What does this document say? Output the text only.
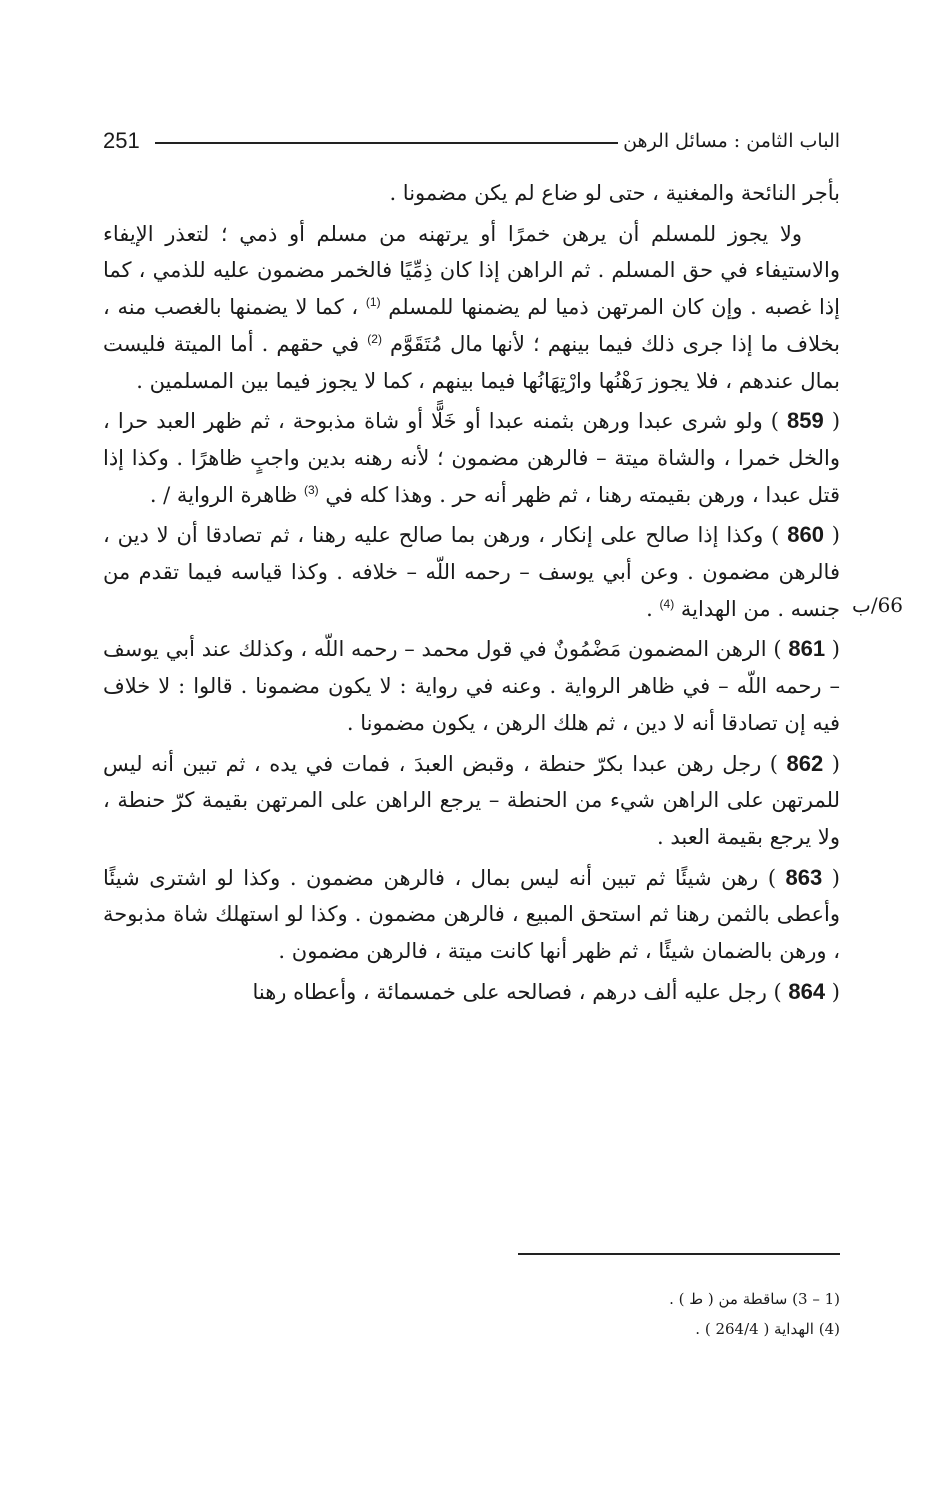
الباب الثامن : مسائل الرهن
251

بأجر النائحة والمغنية ، حتى لو ضاع لم يكن مضمونا .

ولا يجوز للمسلم أن يرهن خمرًا أو يرتهنه من مسلم أو ذمي ؛ لتعذر الإيفاء والاستيفاء في حق المسلم . ثم الراهن إذا كان ذِمِّيًا فالخمر مضمون عليه للذمي ، كما إذا غصبه . وإن كان المرتهن ذميا لم يضمنها للمسلم $^{(1)}$ ، كما لا يضمنها بالغصب منه ، بخلاف ما إذا جرى ذلك فيما بينهم ؛ لأنها مال مُتَقَوَّم $^{(2)}$ في حقهم . أما الميتة فليست بمال عندهم ، فلا يجوز رَهْنُها وارْتِهَانُها فيما بينهم ، كما لا يجوز فيما بين المسلمين .

( 859 ) ولو شرى عبدا ورهن بثمنه عبدا أو خَلًّا أو شاة مذبوحة ، ثم ظهر العبد حرا ، والخل خمرا ، والشاة ميتة – فالرهن مضمون ؛ لأنه رهنه بدين واجبٍ ظاهرًا . وكذا إذا قتل عبدا ، ورهن بقيمته رهنا ، ثم ظهر أنه حر . وهذا كله في $^{(3)}$ ظاهرة الرواية / .

( 860 ) وكذا إذا صالح على إنكار ، ورهن بما صالح عليه رهنا ، ثم تصادقا أن لا دين ، فالرهن مضمون . وعن أبي يوسف – رحمه اللّه – خلافه . وكذا قياسه فيما تقدم من جنسه . من الهداية $^{(4)}$ .

( 861 ) الرهن المضمون مَضْمُونٌ في قول محمد – رحمه اللّه ، وكذلك عند أبي يوسف – رحمه اللّه – في ظاهر الرواية . وعنه في رواية : لا يكون مضمونا . قالوا : لا خلاف فيه إن تصادقا أنه لا دين ، ثم هلك الرهن ، يكون مضمونا .

( 862 ) رجل رهن عبدا بكرّ حنطة ، وقبض العبدَ ، فمات في يده ، ثم تبين أنه ليس للمرتهن على الراهن شيء من الحنطة – يرجع الراهن على المرتهن بقيمة كرّ حنطة ، ولا يرجع بقيمة العبد .

( 863 ) رهن شيئًا ثم تبين أنه ليس بمال ، فالرهن مضمون . وكذا لو اشترى شيئًا وأعطى بالثمن رهنا ثم استحق المبيع ، فالرهن مضمون . وكذا لو استهلك شاة مذبوحة ، ورهن بالضمان شيئًا ، ثم ظهر أنها كانت ميتة ، فالرهن مضمون .

( 864 ) رجل عليه ألف درهم ، فصالحه على خمسمائة ، وأعطاه رهنا

66/ب
(1 – 3) ساقطة من ( ط ) .
(4) الهداية ( 264/4 ) .
